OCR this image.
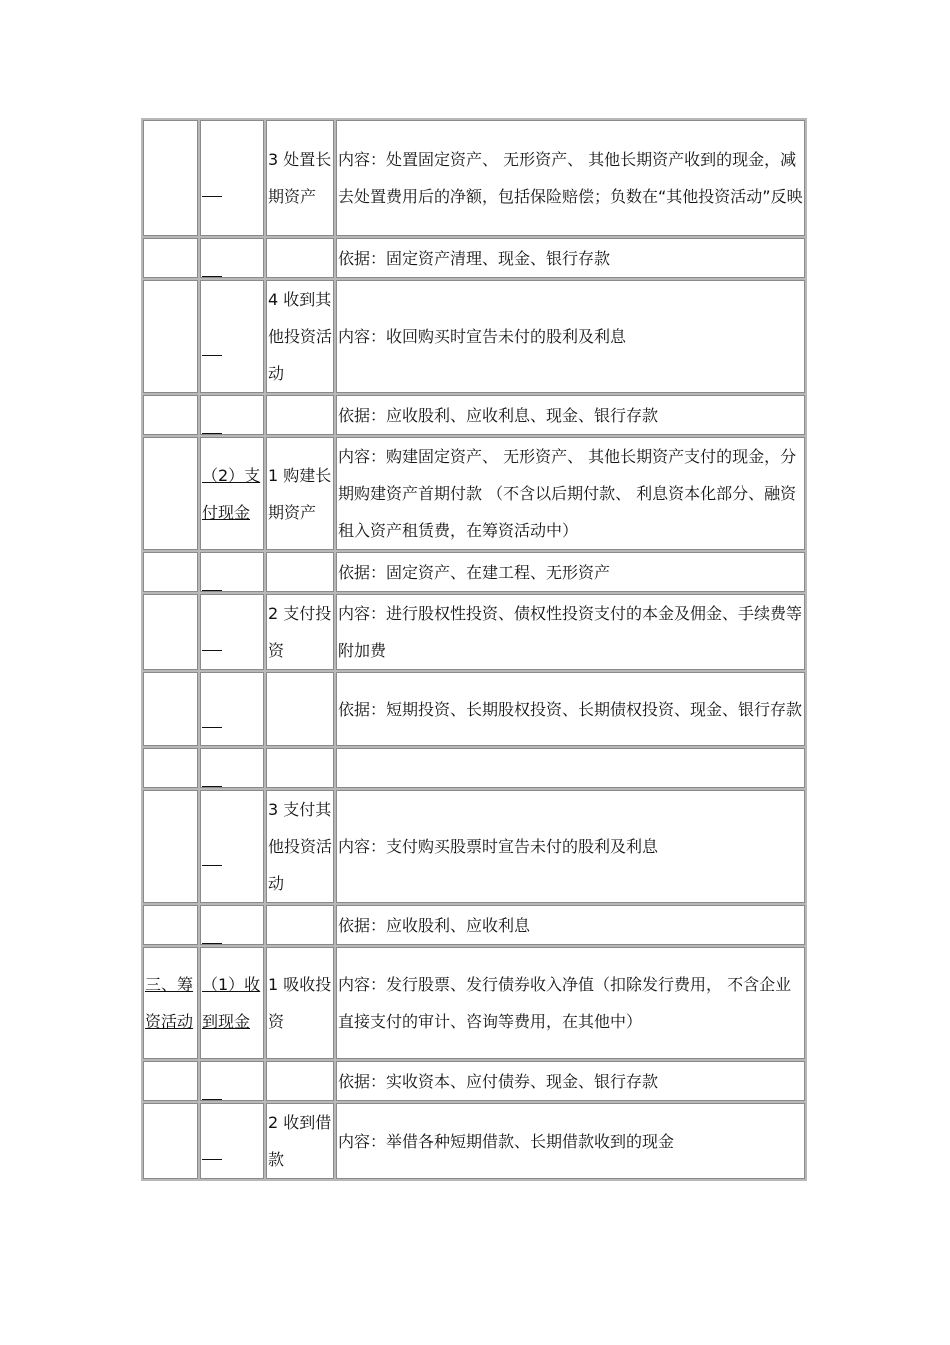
		3 处置长期资产	内容：处置固定资产、 无形资产、 其他长期资产收到的现金，减去处置费用后的净额，包括保险赔偿；负数在“其他投资活动”反映
			依据：固定资产清理、现金、银行存款
		4 收到其他投资活动	内容：收回购买时宣告未付的股利及利息
			依据：应收股利、应收利息、现金、银行存款
	（2）支付现金	1 购建长期资产	内容：购建固定资产、 无形资产、 其他长期资产支付的现金，分期购建资产首期付款 （不含以后期付款、 利息资本化部分、融资租入资产租赁费，在筹资活动中）
			依据：固定资产、在建工程、无形资产
		2 支付投资	内容：进行股权性投资、债权性投资支付的本金及佣金、手续费等附加费
			依据：短期投资、长期股权投资、长期债权投资、现金、银行存款

		3 支付其他投资活动	内容：支付购买股票时宣告未付的股利及利息
			依据：应收股利、应收利息
三、筹资活动	（1）收到现金	1 吸收投资	内容：发行股票、发行债券收入净值（扣除发行费用， 不含企业直接支付的审计、咨询等费用，在其他中）
			依据：实收资本、应付债券、现金、银行存款
		2 收到借款	内容：举借各种短期借款、长期借款收到的现金
